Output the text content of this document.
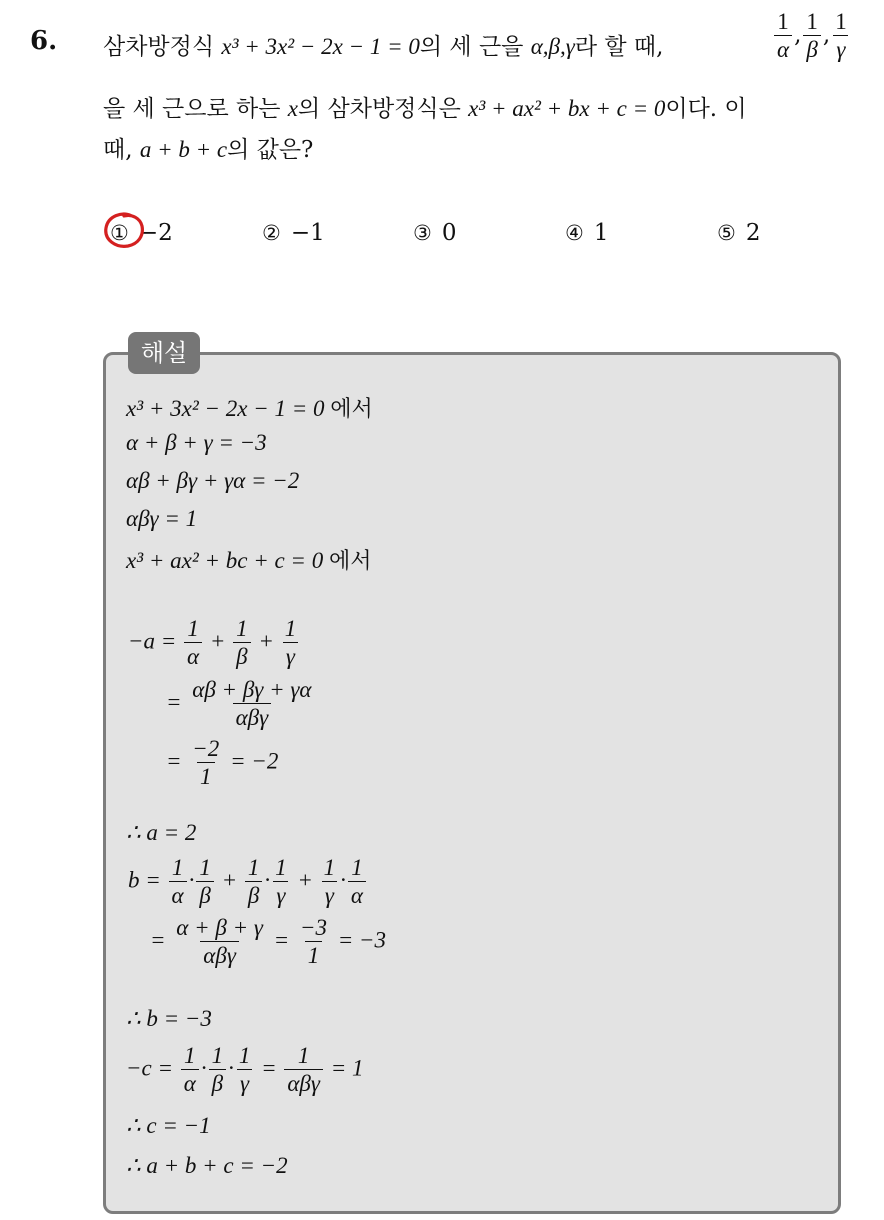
6. 삼차방정식 x³ + 3x² − 2x − 1 = 0의 세 근을 α,β,γ라 할 때,	$\frac{1}{\alpha}$ , $\frac{1}{\beta}$ , $\frac{1}{\gamma}$
을 세 근으로 하는 x의 삼차방정식은 x³ + ax² + bx + c = 0이다. 이
때, a + b + c의 값은?
① −2	② −1	③ 0	④ 1	⑤ 2
해설
x³ + 3x² − 2x − 1 = 0 에서
α + β + γ = −3
αβ + βγ + γα = −2
αβγ = 1
x³ + ax² + bc + c = 0 에서
$-a = \frac{1}{\alpha} + \frac{1}{\beta} + \frac{1}{\gamma}$
= $\frac{\alpha\beta + \beta\gamma + \gamma\alpha}{\text{αβγ}}$
= $\frac{-2}{1} = -2$
∴ a = 2
$b = \frac{1}{\alpha} \cdot \frac{1}{\beta} + \frac{1}{\beta} \cdot \frac{1}{\gamma} + \frac{1}{\gamma} \cdot \frac{1}{\alpha}$
= $\frac{\alpha + \beta + \gamma}{\text{αβγ}} = \frac{-3}{1} = -3$
∴ b = −3
$-c = \frac{1}{\alpha} \cdot \frac{1}{\beta} \cdot \frac{1}{\gamma} = \frac{1}{\text{αβγ}} = 1$
∴ c = −1
∴ a + b + c = −2
